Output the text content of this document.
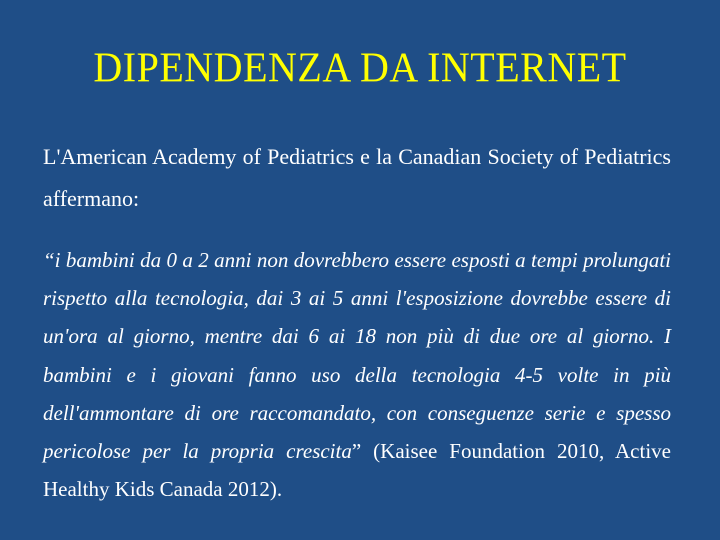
DIPENDENZA DA INTERNET

L'American Academy of Pediatrics e la Canadian Society of Pediatrics affermano:

“i bambini da 0 a 2 anni non dovrebbero essere esposti a tempi prolungati rispetto alla tecnologia, dai 3 ai 5 anni l'esposizione dovrebbe essere di un'ora al giorno, mentre dai 6 ai 18 non più di due ore al giorno. I bambini e i giovani fanno uso della tecnologia 4-5 volte in più dell'ammontare di ore raccomandato, con conseguenze serie e spesso pericolose per la propria crescita” (Kaisee Foundation 2010, Active Healthy Kids Canada 2012).
